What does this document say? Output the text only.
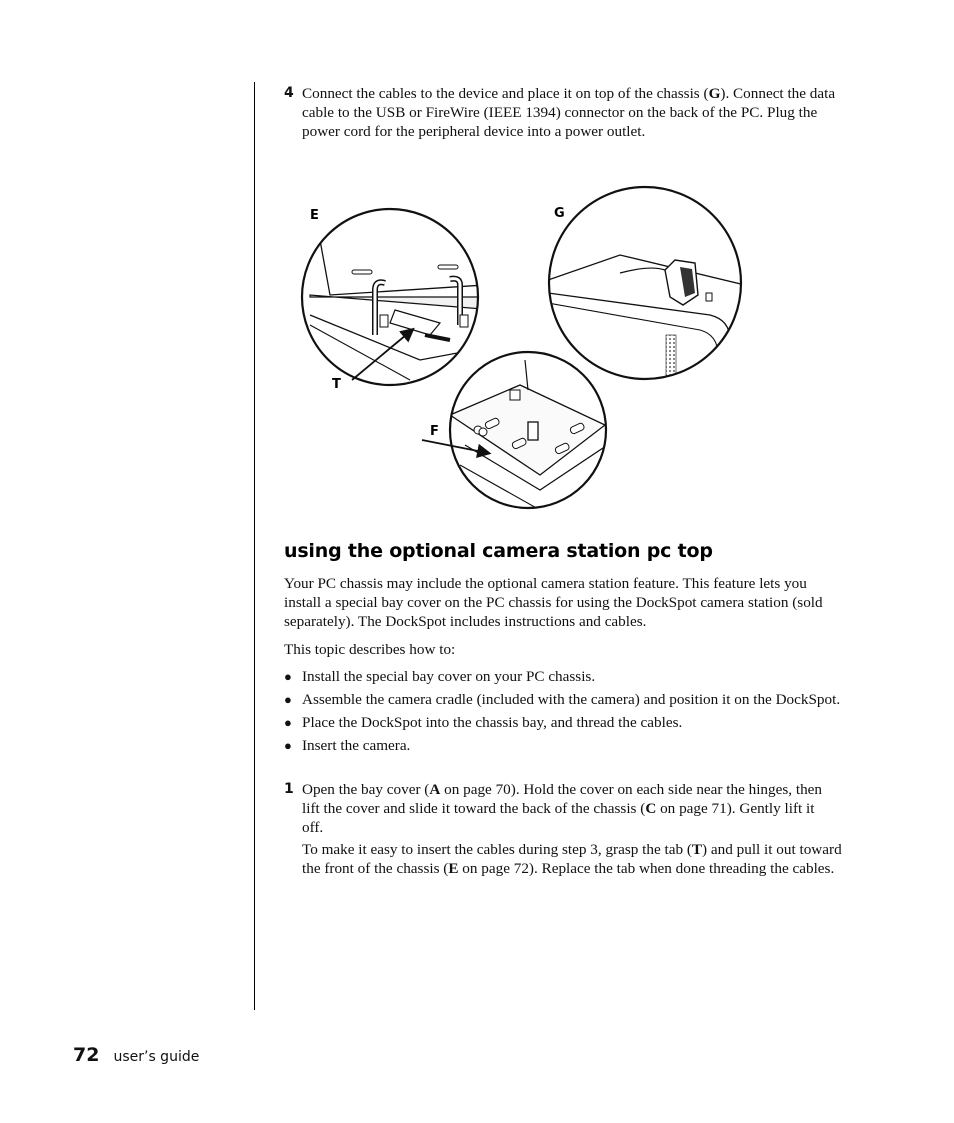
4 Connect the cables to the device and place it on top of the chassis (G). Connect the data cable to the USB or FireWire (IEEE 1394) connector on the back of the PC. Plug the power cord for the peripheral device into a power outlet.
E	G
T
F
using the optional camera station pc top

Your PC chassis may include the optional camera station feature. This feature lets you install a special bay cover on the PC chassis for using the DockSpot camera station (sold separately). The DockSpot includes instructions and cables.

This topic describes how to:

● Install the special bay cover on your PC chassis.
● Assemble the camera cradle (included with the camera) and position it on the DockSpot.
● Place the DockSpot into the chassis bay, and thread the cables.
● Insert the camera.
1 Open the bay cover (A on page 70). Hold the cover on each side near the hinges, then lift the cover and slide it toward the back of the chassis (C on page 71). Gently lift it off.

To make it easy to insert the cables during step 3, grasp the tab (T) and pull it out toward the front of the chassis (E on page 72). Replace the tab when done threading the cables.

72 user’s guide
